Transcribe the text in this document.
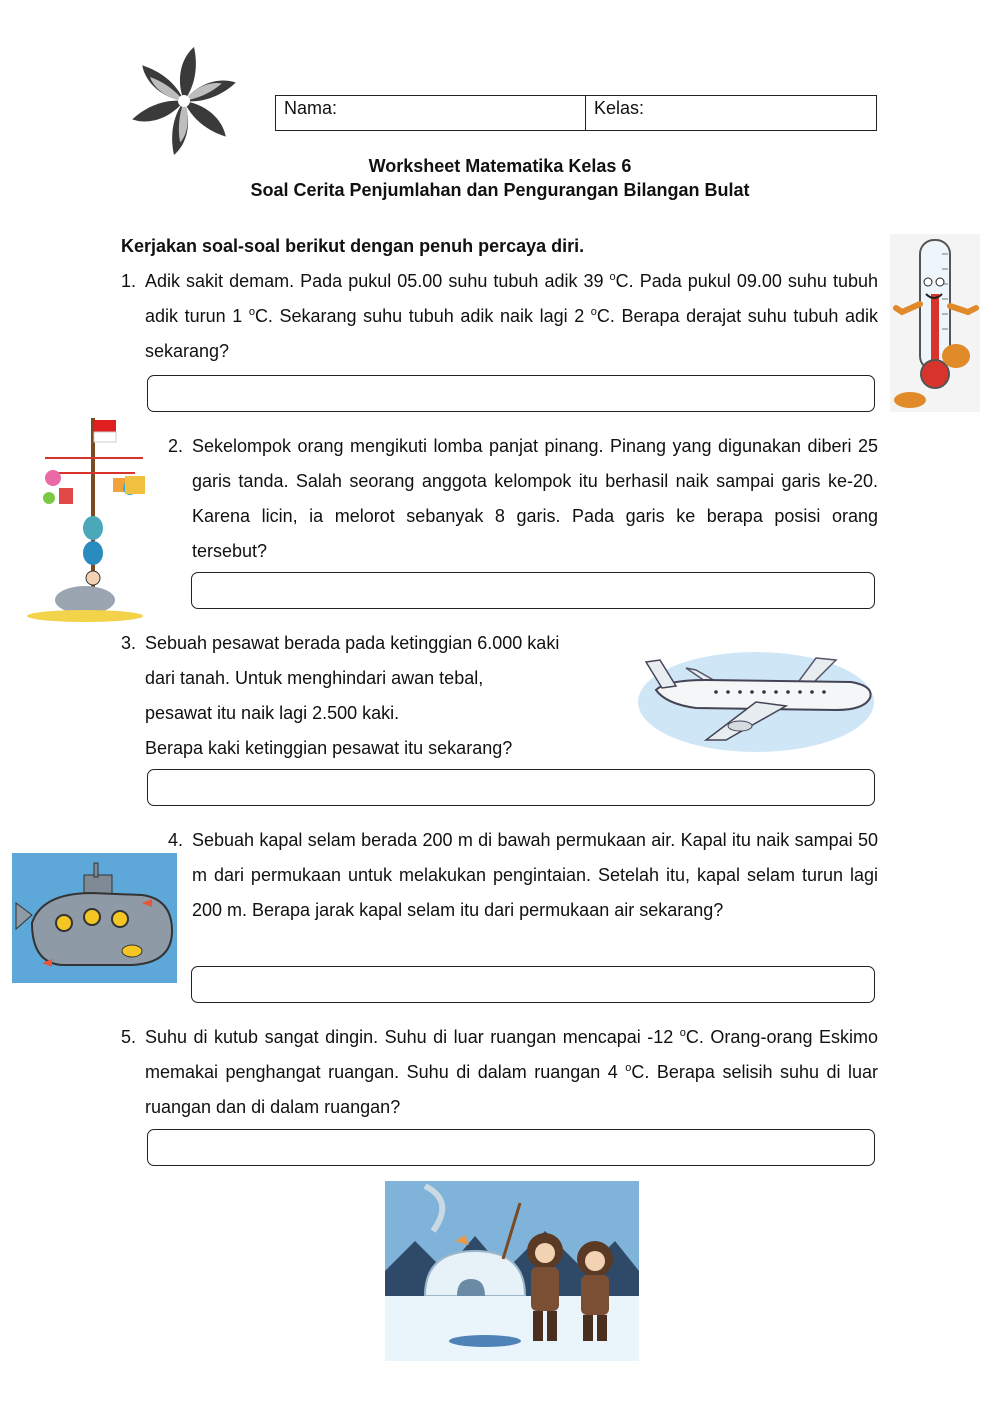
Nama:	Kelas:
Worksheet Matematika Kelas 6
Soal Cerita Penjumlahan dan Pengurangan Bilangan Bulat
Kerjakan soal-soal berikut dengan penuh percaya diri.
1. Adik sakit demam. Pada pukul 05.00 suhu tubuh adik 39 $^o$C. Pada pukul 09.00 suhu tubuh adik turun 1 $^o$C. Sekarang suhu tubuh adik naik lagi 2 $^o$C. Berapa derajat suhu tubuh adik sekarang?
2. Sekelompok orang mengikuti lomba panjat pinang. Pinang yang digunakan diberi 25 garis tanda. Salah seorang anggota kelompok itu berhasil naik sampai garis ke-20. Karena licin, ia melorot sebanyak 8 garis. Pada garis ke berapa posisi orang tersebut?
3. Sebuah pesawat berada pada ketinggian 6.000 kaki
dari tanah. Untuk menghindari awan tebal,
pesawat itu naik lagi 2.500 kaki.
Berapa kaki ketinggian pesawat itu sekarang?
4. Sebuah kapal selam berada 200 m di bawah permukaan air. Kapal itu naik sampai 50 m dari permukaan untuk melakukan pengintaian. Setelah itu, kapal selam turun lagi 200 m. Berapa jarak kapal selam itu dari permukaan air sekarang?
5. Suhu di kutub sangat dingin. Suhu di luar ruangan mencapai -12 $^o$C. Orang-orang Eskimo memakai penghangat ruangan. Suhu di dalam ruangan 4 $^o$C. Berapa selisih suhu di luar ruangan dan di dalam ruangan?
